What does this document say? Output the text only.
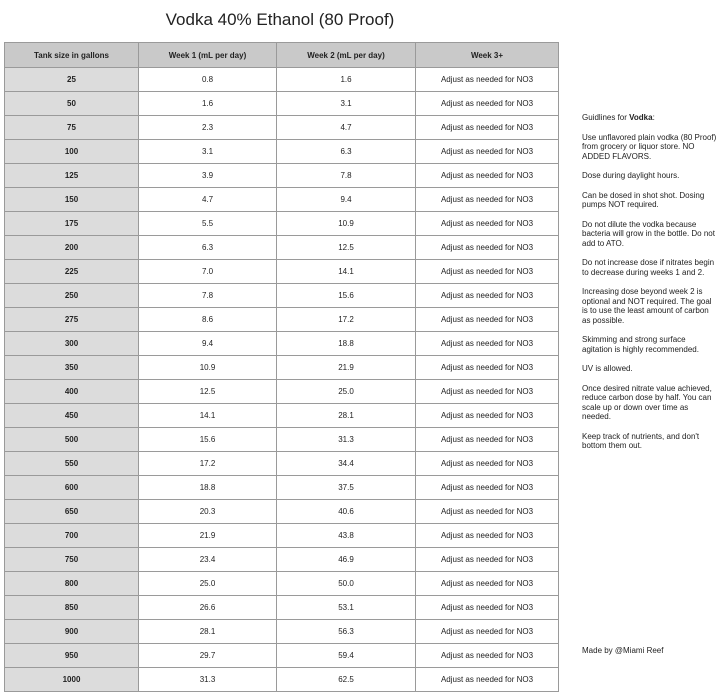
Vodka 40% Ethanol (80 Proof)
Tank size in gallons	Week 1 (mL per day)	Week 2 (mL per day)	Week 3+
25	0.8	1.6	Adjust as needed for NO3
50	1.6	3.1	Adjust as needed for NO3
75	2.3	4.7	Adjust as needed for NO3
100	3.1	6.3	Adjust as needed for NO3
125	3.9	7.8	Adjust as needed for NO3
150	4.7	9.4	Adjust as needed for NO3
175	5.5	10.9	Adjust as needed for NO3
200	6.3	12.5	Adjust as needed for NO3
225	7.0	14.1	Adjust as needed for NO3
250	7.8	15.6	Adjust as needed for NO3
275	8.6	17.2	Adjust as needed for NO3
300	9.4	18.8	Adjust as needed for NO3
350	10.9	21.9	Adjust as needed for NO3
400	12.5	25.0	Adjust as needed for NO3
450	14.1	28.1	Adjust as needed for NO3
500	15.6	31.3	Adjust as needed for NO3
550	17.2	34.4	Adjust as needed for NO3
600	18.8	37.5	Adjust as needed for NO3
650	20.3	40.6	Adjust as needed for NO3
700	21.9	43.8	Adjust as needed for NO3
750	23.4	46.9	Adjust as needed for NO3
800	25.0	50.0	Adjust as needed for NO3
850	26.6	53.1	Adjust as needed for NO3
900	28.1	56.3	Adjust as needed for NO3
950	29.7	59.4	Adjust as needed for NO3
1000	31.3	62.5	Adjust as needed for NO3

Guidlines for Vodka:

Use unflavored plain vodka (80 Proof) from grocery or liquor store. NO ADDED FLAVORS.

Dose during daylight hours.

Can be dosed in shot shot. Dosing pumps NOT required.

Do not dilute the vodka because bacteria will grow in the bottle. Do not add to ATO.

Do not increase dose if nitrates begin to decrease during weeks 1 and 2.

Increasing dose beyond week 2 is optional and NOT required. The goal is to use the least amount of carbon as possible.

Skimming and strong surface agitation is highly recommended.

UV is allowed.

Once desired nitrate value achieved, reduce carbon dose by half. You can scale up or down over time as needed.

Keep track of nutrients, and don't bottom them out.

Made by @Miami Reef
